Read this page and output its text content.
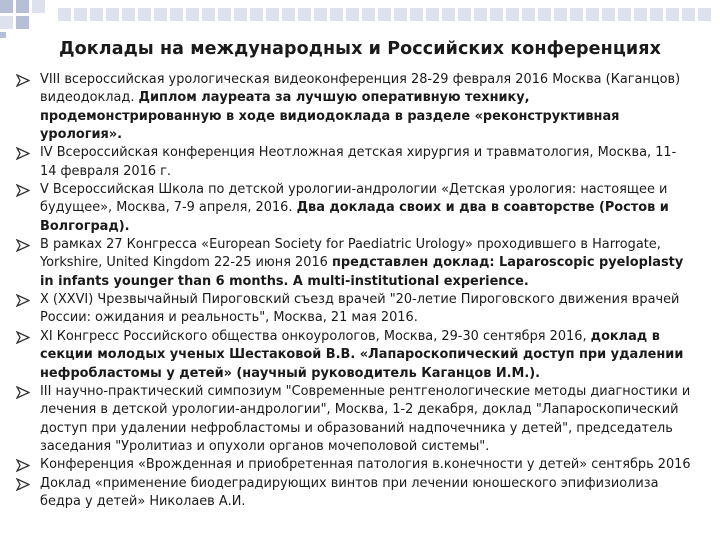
Доклады на международных и Российских конференциях
VIII всероссийская урологическая видеоконференция 28-29 февраля 2016 Москва (Каганцов) видеодоклад. Диплом лауреата за лучшую оперативную технику, продемонстрированную в ходе видиодоклада в разделе «реконструктивная урология».
IV Всероссийская конференция Неотложная детская хирургия и травматология, Москва, 11-14 февраля 2016 г.
V Всероссийская Школа по детской урологии-андрологии «Детская урология: настоящее и будущее», Москва, 7-9 апреля, 2016. Два доклада своих и два в соавторстве (Ростов и Волгоград).
В рамках 27 Конгресса «European Society for Paediatric Urology» проходившего в Harrogate, Yorkshire, United Kingdom 22-25 июня 2016 представлен доклад: Laparoscopic pyeloplasty in infants younger than 6 months. A multi-institutional experience.
X (XXVI) Чрезвычайный Пироговский съезд врачей "20-летие Пироговского движения врачей России: ожидания и реальность", Москва, 21 мая 2016.
XI Конгресс Российского общества онкоурологов, Москва, 29-30 сентября 2016, доклад в секции молодых ученых Шестаковой В.В. «Лапароскопический доступ при удалении нефробластомы у детей» (научный руководитель Каганцов И.М.).
III научно-практический симпозиум "Современные рентгенологические методы диагностики и лечения в детской урологии-андрологии", Москва, 1-2 декабря, доклад "Лапароскопический доступ при удалении нефробластомы и образований надпочечника у детей", председатель заседания "Уролитиаз и опухоли органов мочеполовой системы".
Конференция «Врожденная и приобретенная патология в.конечности у детей» сентябрь 2016
Доклад «применение биодеградирующих винтов при лечении юношеского эпифизиолиза бедра у детей» Николаев А.И.
